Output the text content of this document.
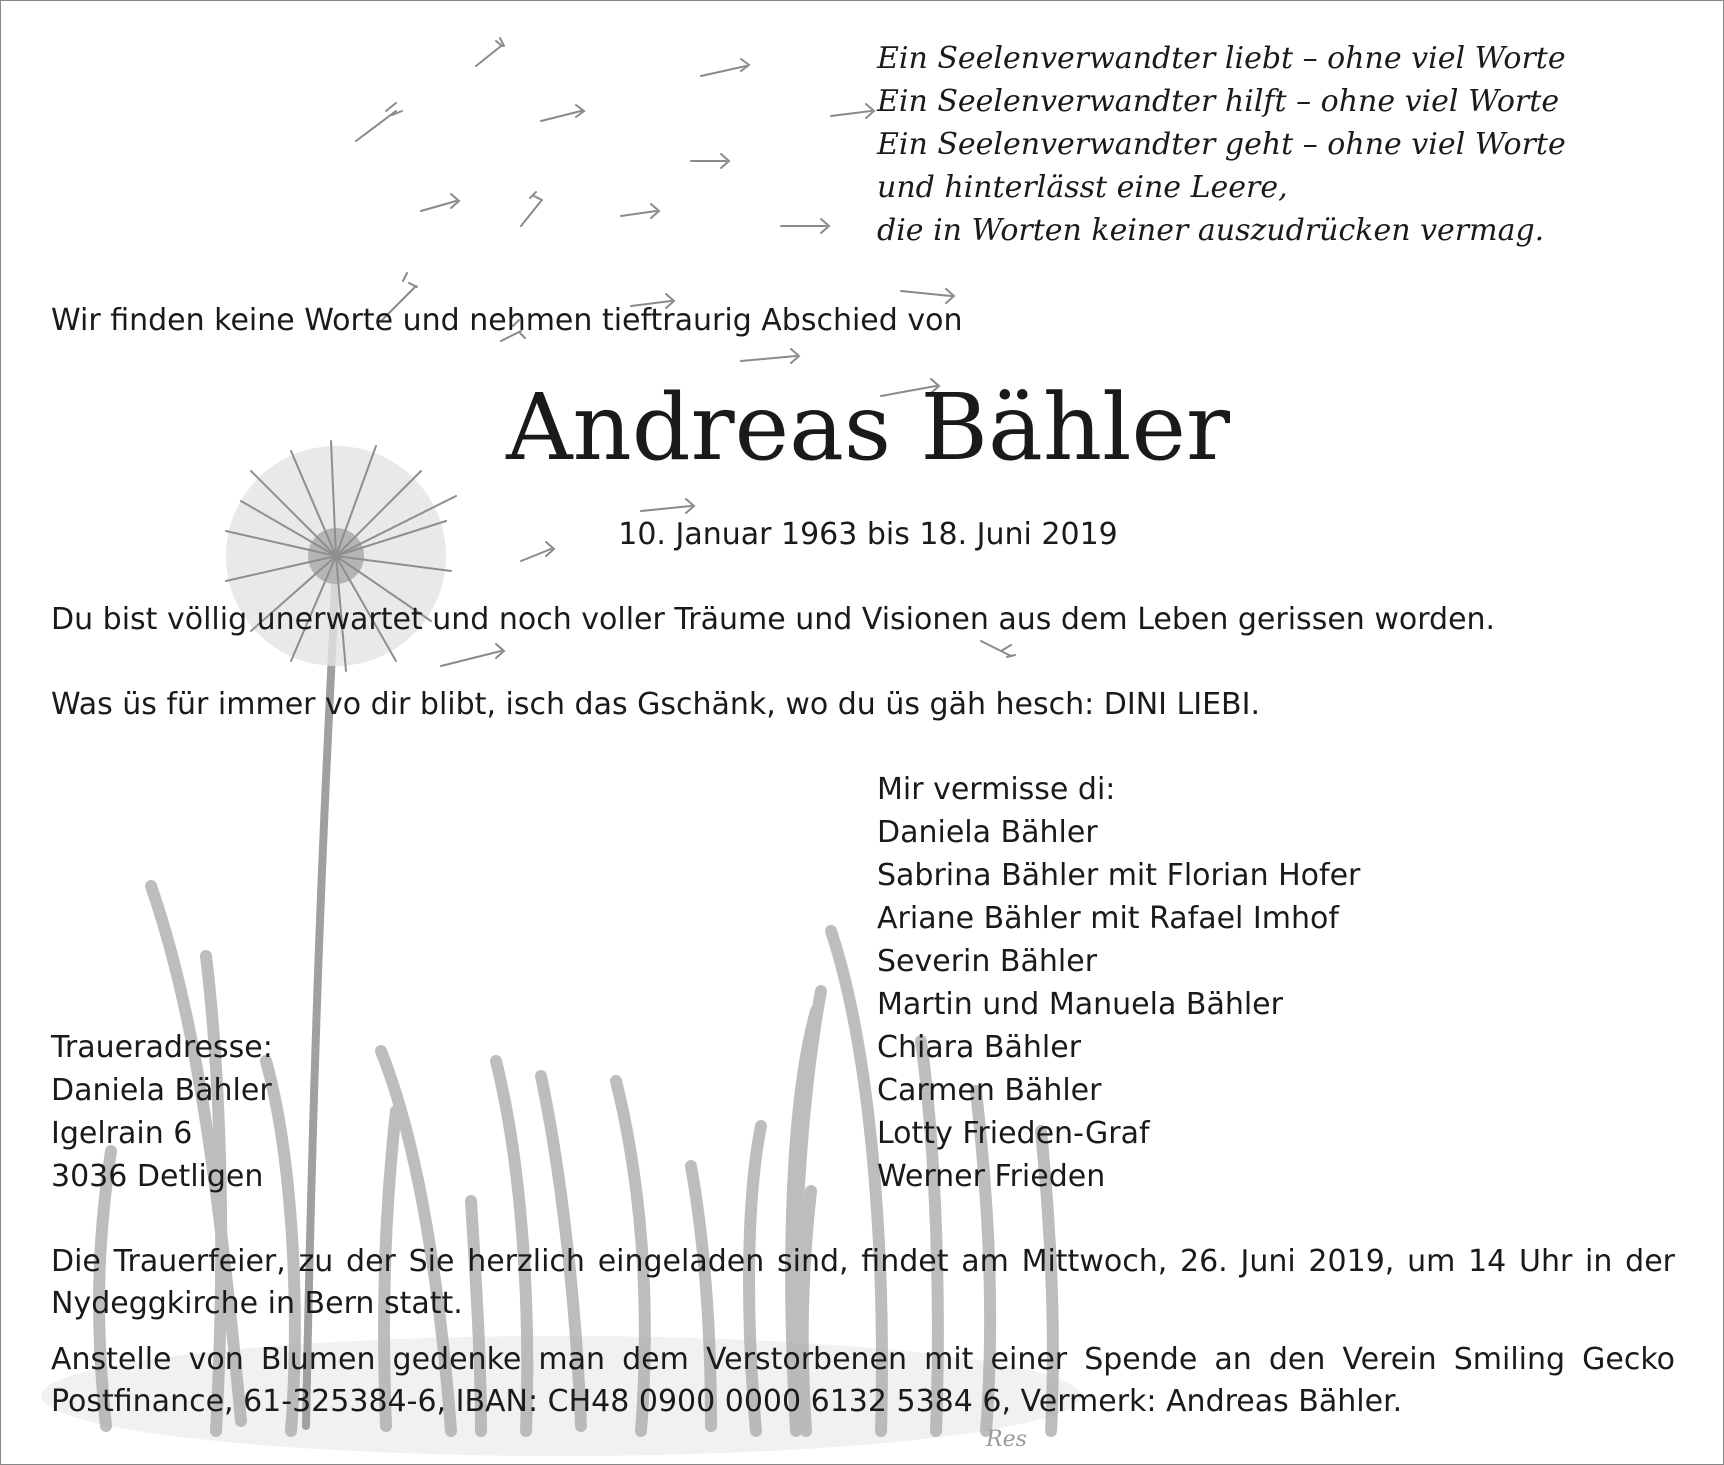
Ein Seelenverwandter liebt – ohne viel Worte
Ein Seelenverwandter hilft – ohne viel Worte
Ein Seelenverwandter geht – ohne viel Worte
und hinterlässt eine Leere,
die in Worten keiner auszudrücken vermag.
Wir finden keine Worte und nehmen tieftraurig Abschied von
Andreas Bähler
10. Januar 1963 bis 18. Juni 2019
Du bist völlig unerwartet und noch voller Träume und Visionen aus dem Leben gerissen worden.
Was üs für immer vo dir blibt, isch das Gschänk, wo du üs gäh hesch: DINI LIEBI.
Mir vermisse di:
Daniela Bähler
Sabrina Bähler mit Florian Hofer
Ariane Bähler mit Rafael Imhof
Severin Bähler
Martin und Manuela Bähler
Chiara Bähler
Carmen Bähler
Lotty Frieden-Graf
Werner Frieden
Traueradresse:
Daniela Bähler
Igelrain 6
3036 Detligen
Die Trauerfeier, zu der Sie herzlich eingeladen sind, findet am Mittwoch, 26. Juni 2019, um 14 Uhr in der Nydeggkirche in Bern statt.
Anstelle von Blumen gedenke man dem Verstorbenen mit einer Spende an den Verein Smiling Gecko Postfinance, 61-325384-6, IBAN: CH48 0900 0000 6132 5384 6, Vermerk: Andreas Bähler.
Res
